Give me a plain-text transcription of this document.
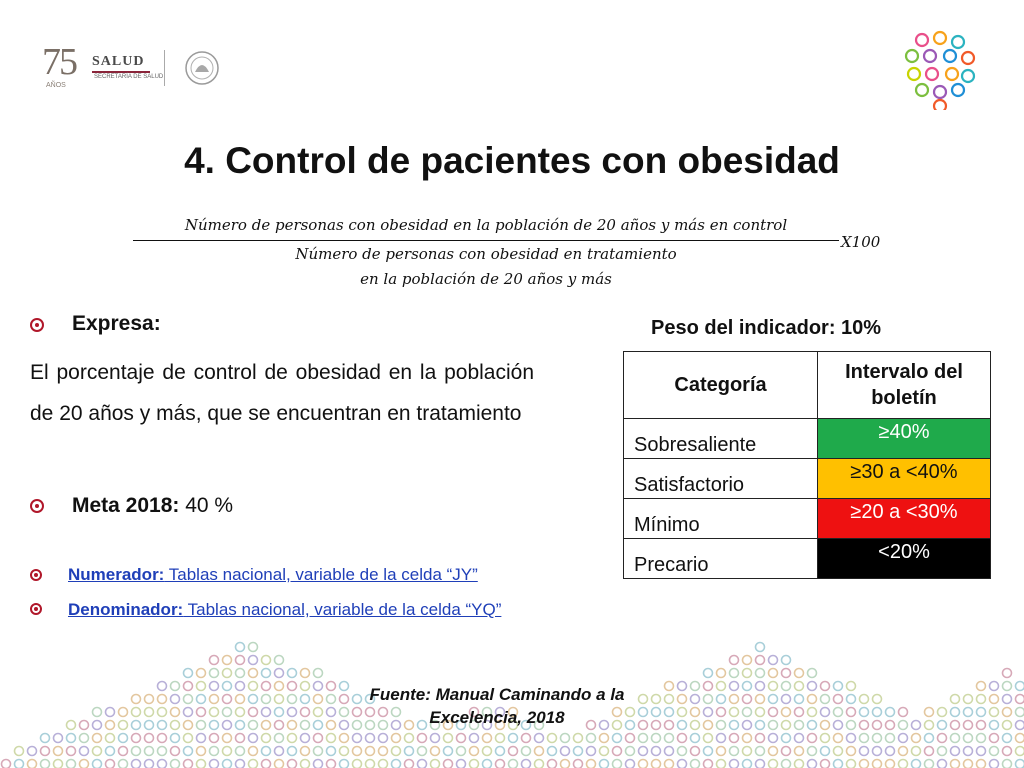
75
AÑOS
SALUD
SECRETARÍA DE SALUD
4. Control de pacientes con obesidad
Número de personas con obesidad en la población de 20 años y más en control
Número de personas con obesidad en tratamiento
en la población de 20 años y más
X100
Expresa:
El porcentaje de control de obesidad en la población de 20 años y más, que se encuentran en tratamiento
Meta 2018: 40 %
Numerador: Tablas nacional, variable de la celda “JY”
Denominador: Tablas nacional, variable de la celda “YQ”
Peso del indicador: 10%
Categoría	Intervalo del boletín
Sobresaliente	≥40%
Satisfactorio	≥30 a <40%
Mínimo	≥20 a <30%
Precario	<20%
Fuente: Manual Caminando a la Excelencia, 2018
